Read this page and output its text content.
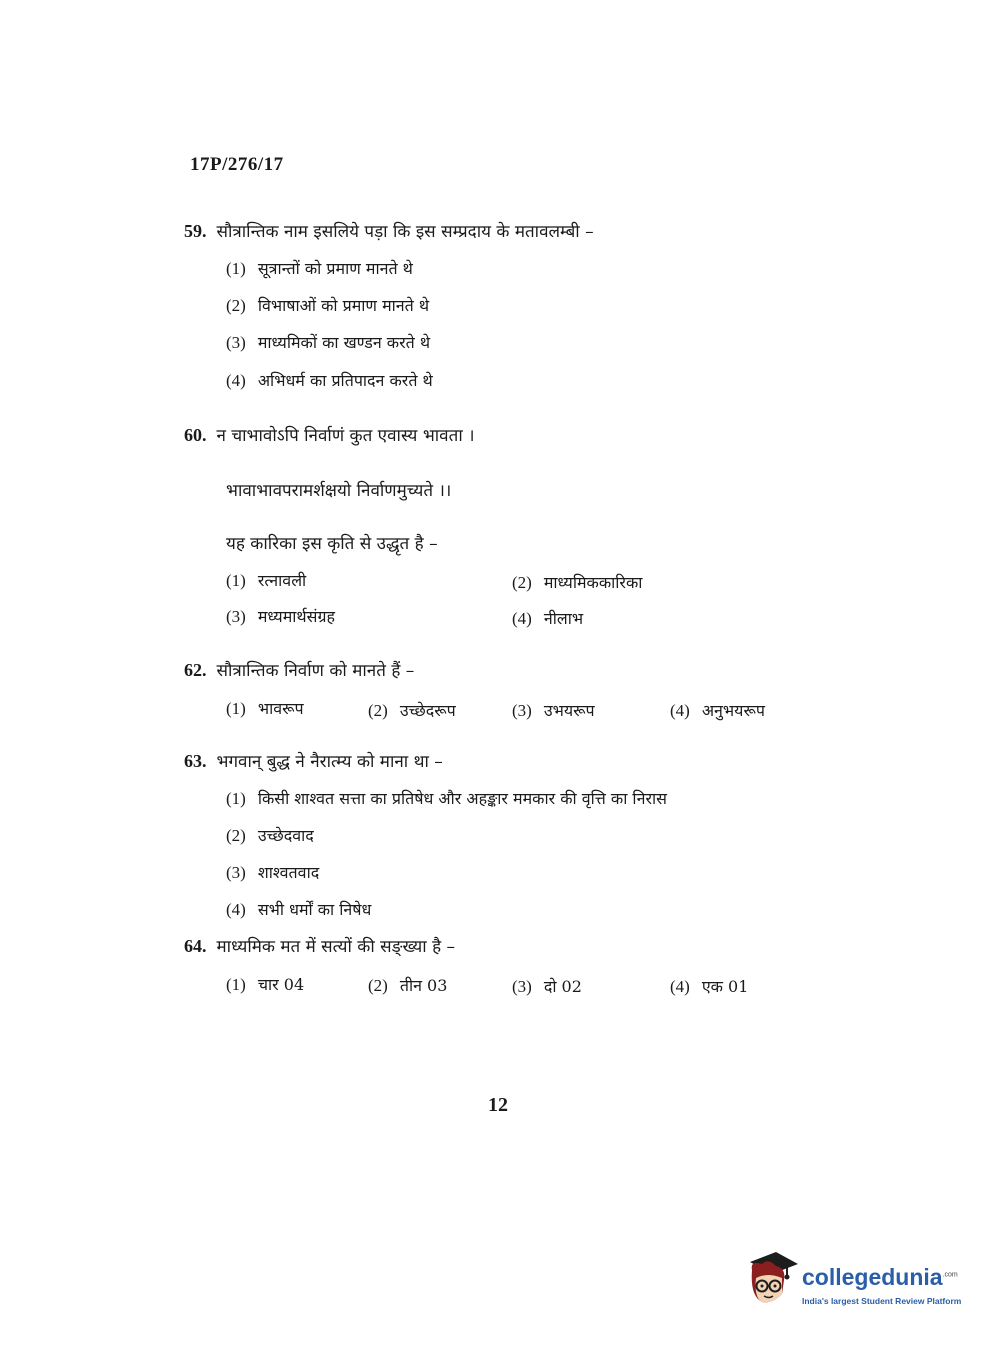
17P/276/17
59. सौत्रान्तिक नाम इसलिये पड़ा कि इस सम्प्रदाय के मतावलम्बी –
(1) सूत्रान्तों को प्रमाण मानते थे
(2) विभाषाओं को प्रमाण मानते थे
(3) माध्यमिकों का खण्डन करते थे
(4) अभिधर्म का प्रतिपादन करते थे
60. न चाभावोऽपि निर्वाणं कुत एवास्य भावता ।
भावाभावपरामर्शक्षयो निर्वाणमुच्यते ।।
यह कारिका इस कृति से उद्धृत है –
(1) रत्नावली	(2) माध्यमिककारिका
(3) मध्यमार्थसंग्रह	(4) नीलाभ
62. सौत्रान्तिक निर्वाण को मानते हैं –
(1) भावरूप	(2) उच्छेदरूप	(3) उभयरूप	(4) अनुभयरूप
63. भगवान् बुद्ध ने नैरात्म्य को माना था –
(1) किसी शाश्वत सत्ता का प्रतिषेध और अहङ्कार ममकार की वृत्ति का निरास
(2) उच्छेदवाद
(3) शाश्वतवाद
(4) सभी धर्मों का निषेध
64. माध्यमिक मत में सत्यों की सङ्ख्या है –
(1) चार 04	(2) तीन 03	(3) दो 02	(4) एक 01
12
collegedunia$^{.com}$
India's largest Student Review Platform
